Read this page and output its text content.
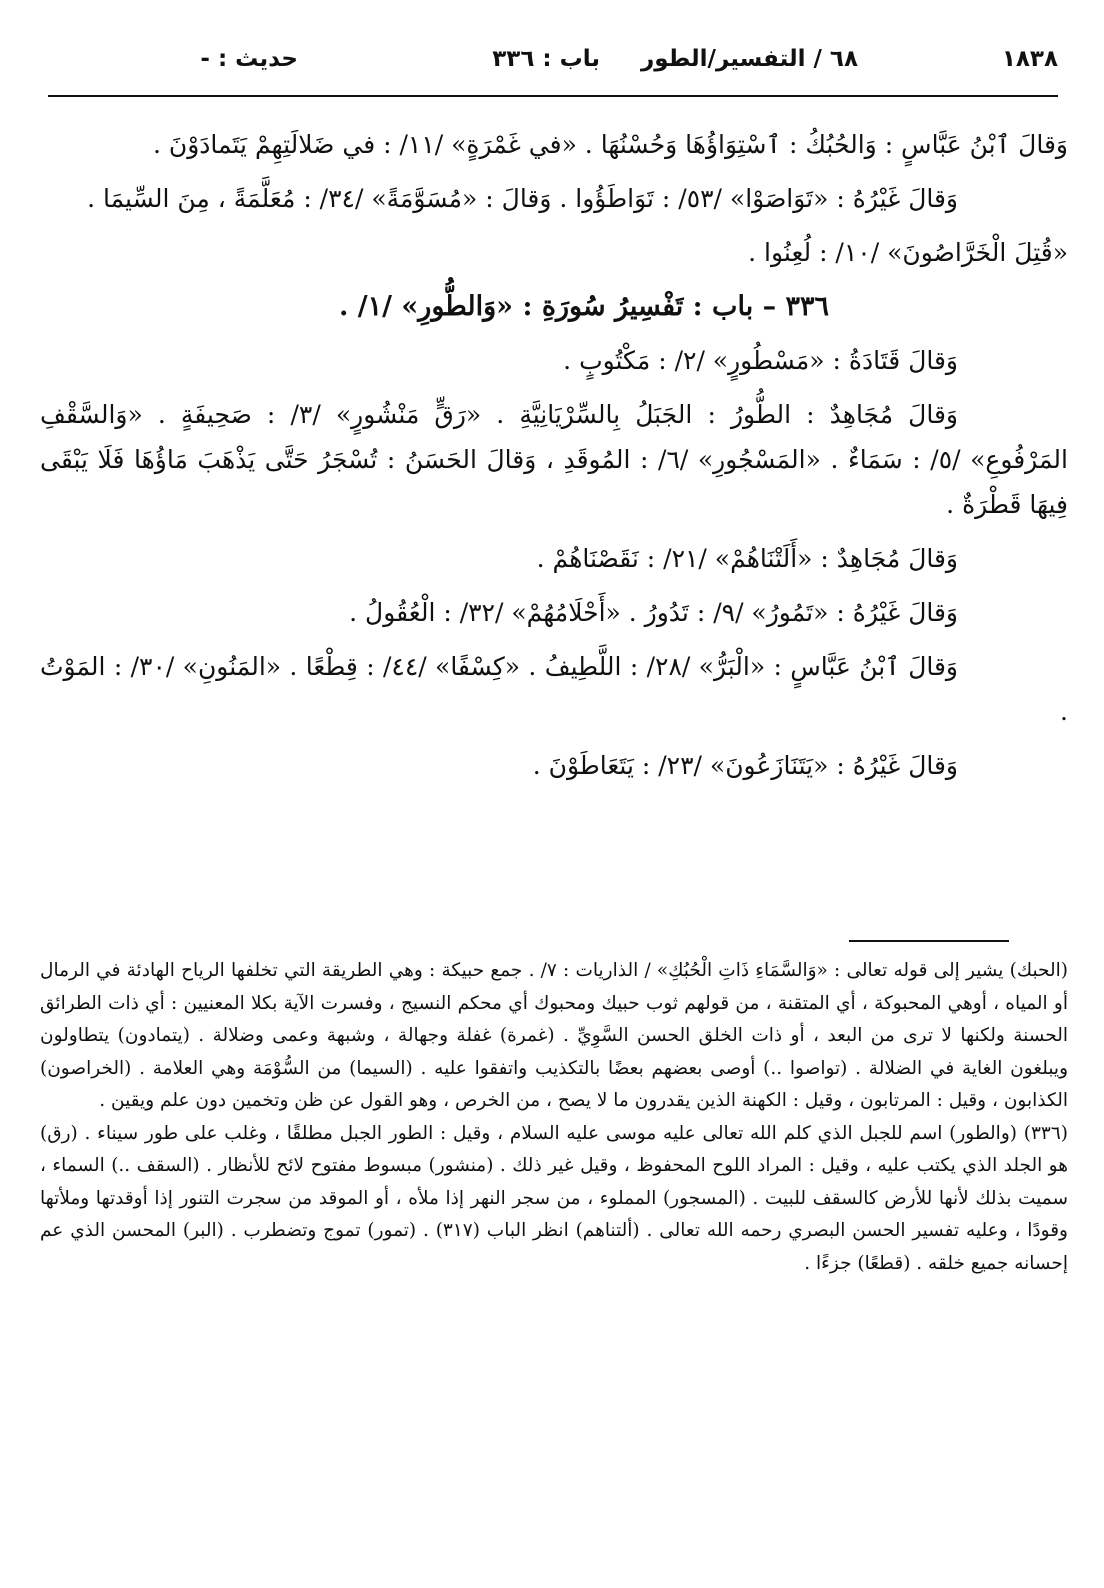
١٨٣٨
٦٨ / التفسير/الطور
باب : ٣٣٦
حديث : -

وَقالَ ٱبْنُ عَبَّاسٍ : وَالحُبُكُ : ٱسْتِوَاؤُهَا وَحُسْنُهَا . «في غَمْرَةٍ» /١١/ : في ضَلالَتِهِمْ يَتَمادَوْنَ .

وَقالَ غَيْرُهُ : «تَوَاصَوْا» /٥٣/ : تَوَاطَؤُوا . وَقالَ : «مُسَوَّمَةً» /٣٤/ : مُعَلَّمَةً ، مِنَ السِّيمَا .

«قُتِلَ الْخَرَّاصُونَ» /١٠/ : لُعِنُوا .

٣٣٦ – باب : تَفْسِيرُ سُورَةِ : «وَالطُّورِ» /١/ .

وَقالَ قَتَادَةُ : «مَسْطُورٍ» /٢/ : مَكْتُوبٍ .

وَقالَ مُجَاهِدٌ : الطُّورُ : الجَبَلُ بِالسِّرْيَانِيَّةِ . «رَقٍّ مَنْشُورٍ» /٣/ : صَحِيفَةٍ . «وَالسَّقْفِ المَرْفُوعِ» /٥/ : سَمَاءٌ . «المَسْجُورِ» /٦/ : المُوقَدِ ، وَقالَ الحَسَنُ : تُسْجَرُ حَتَّى يَذْهَبَ مَاؤُهَا فَلَا يَبْقَى فِيهَا قَطْرَةٌ .

وَقالَ مُجَاهِدٌ : «أَلَتْنَاهُمْ» /٢١/ : نَقَصْنَاهُمْ .

وَقالَ غَيْرُهُ : «تَمُورُ» /٩/ : تَدُورُ . «أَحْلَامُهُمْ» /٣٢/ : الْعُقُولُ .

وَقالَ ٱبْنُ عَبَّاسٍ : «الْبَرُّ» /٢٨/ : اللَّطِيفُ . «كِسْفًا» /٤٤/ : قِطْعًا . «المَنُونِ» /٣٠/ : المَوْتُ .

وَقالَ غَيْرُهُ : «يَتَنَازَعُونَ» /٢٣/ : يَتَعَاطَوْنَ .

(الحبك) يشير إلى قوله تعالى : «وَالسَّمَاءِ ذَاتِ الْحُبُكِ» / الذاريات : ٧/ . جمع حبيكة : وهي الطريقة التي تخلفها الرياح الهادئة في الرمال أو المياه ، أوهي المحبوكة ، أي المتقنة ، من قولهم ثوب حبيك ومحبوك أي محكم النسيج ، وفسرت الآية بكلا المعنيين : أي ذات الطرائق الحسنة ولكنها لا ترى من البعد ، أو ذات الخلق الحسن السَّوِيِّ . (غمرة) غفلة وجهالة ، وشبهة وعمى وضلالة . (يتمادون) يتطاولون ويبلغون الغاية في الضلالة . (تواصوا ..) أوصى بعضهم بعضًا بالتكذيب واتفقوا عليه . (السيما) من السُّوْمَة وهي العلامة . (الخراصون) الكذابون ، وقيل : المرتابون ، وقيل : الكهنة الذين يقدرون ما لا يصح ، من الخرص ، وهو القول عن ظن وتخمين دون علم ويقين .

(٣٣٦) (والطور) اسم للجبل الذي كلم الله تعالى عليه موسى عليه السلام ، وقيل : الطور الجبل مطلقًا ، وغلب على طور سيناء . (رق) هو الجلد الذي يكتب عليه ، وقيل : المراد اللوح المحفوظ ، وقيل غير ذلك . (منشور) مبسوط مفتوح لائح للأنظار . (السقف ..) السماء ، سميت بذلك لأنها للأرض كالسقف للبيت . (المسجور) المملوء ، من سجر النهر إذا ملأه ، أو الموقد من سجرت التنور إذا أوقدتها وملأتها وقودًا ، وعليه تفسير الحسن البصري رحمه الله تعالى . (ألتناهم) انظر الباب (٣١٧) . (تمور) تموج وتضطرب . (البر) المحسن الذي عم إحسانه جميع خلقه . (قطعًا) جزءًا .
